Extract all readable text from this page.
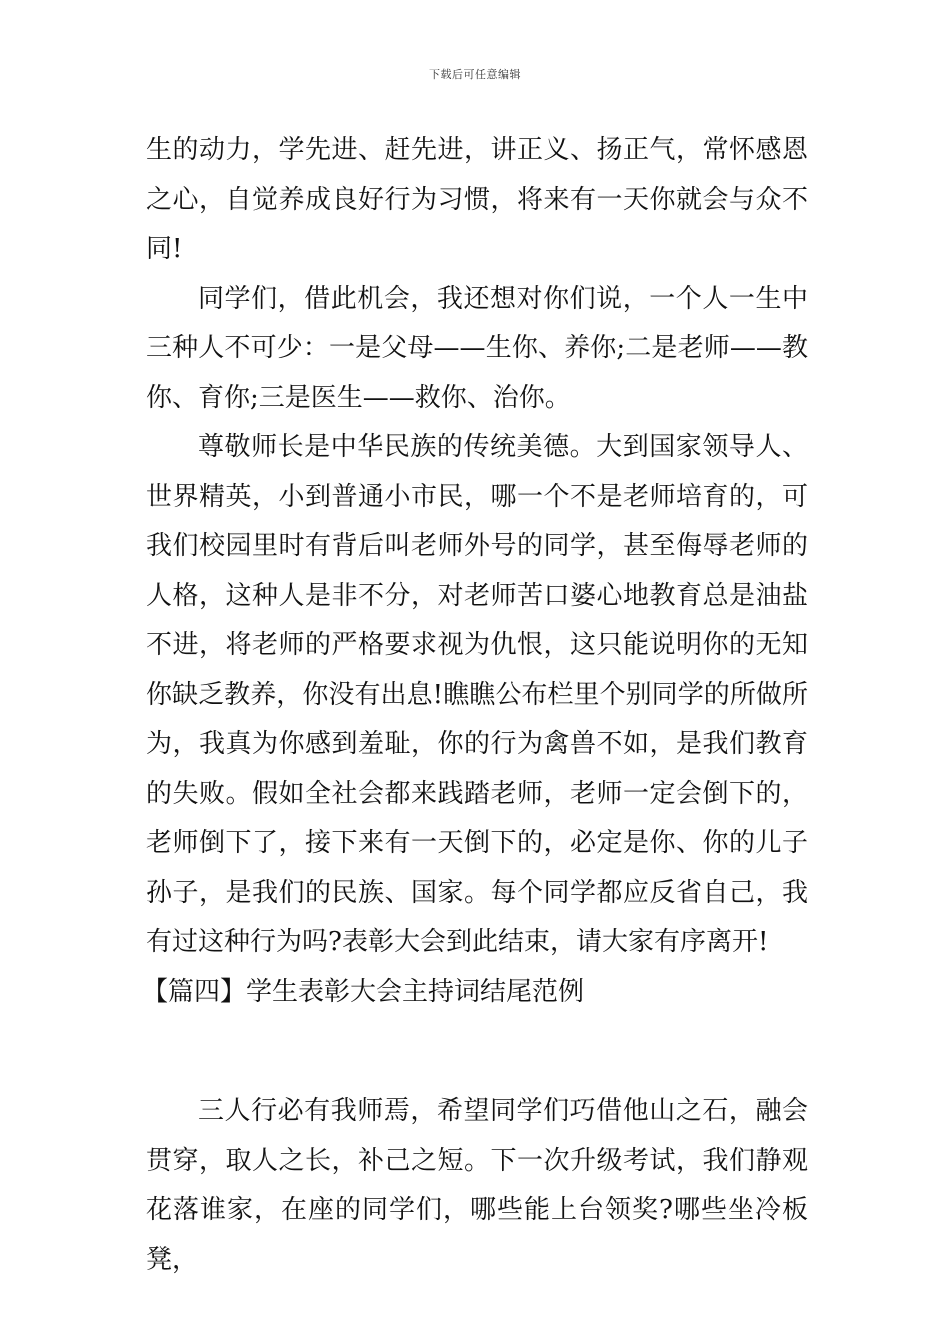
下载后可任意编辑

生的动力，学先进、赶先进，讲正义、扬正气，常怀感恩之心，自觉养成良好行为习惯，将来有一天你就会与众不同!

同学们，借此机会，我还想对你们说，一个人一生中三种人不可少：一是父母——生你、养你;二是老师——教你、育你;三是医生——救你、治你。

尊敬师长是中华民族的传统美德。大到国家领导人、世界精英，小到普通小市民，哪一个不是老师培育的，可我们校园里时有背后叫老师外号的同学，甚至侮辱老师的人格，这种人是非不分，对老师苦口婆心地教育总是油盐不进，将老师的严格要求视为仇恨，这只能说明你的无知你缺乏教养，你没有出息!瞧瞧公布栏里个别同学的所做所为，我真为你感到羞耻，你的行为禽兽不如，是我们教育的失败。假如全社会都来践踏老师，老师一定会倒下的，老师倒下了，接下来有一天倒下的，必定是你、你的儿子孙子，是我们的民族、国家。每个同学都应反省自己，我有过这种行为吗?表彰大会到此结束，请大家有序离开!

【篇四】学生表彰大会主持词结尾范例

三人行必有我师焉，希望同学们巧借他山之石，融会贯穿，取人之长，补己之短。下一次升级考试，我们静观花落谁家，在座的同学们，哪些能上台领奖?哪些坐冷板凳，
